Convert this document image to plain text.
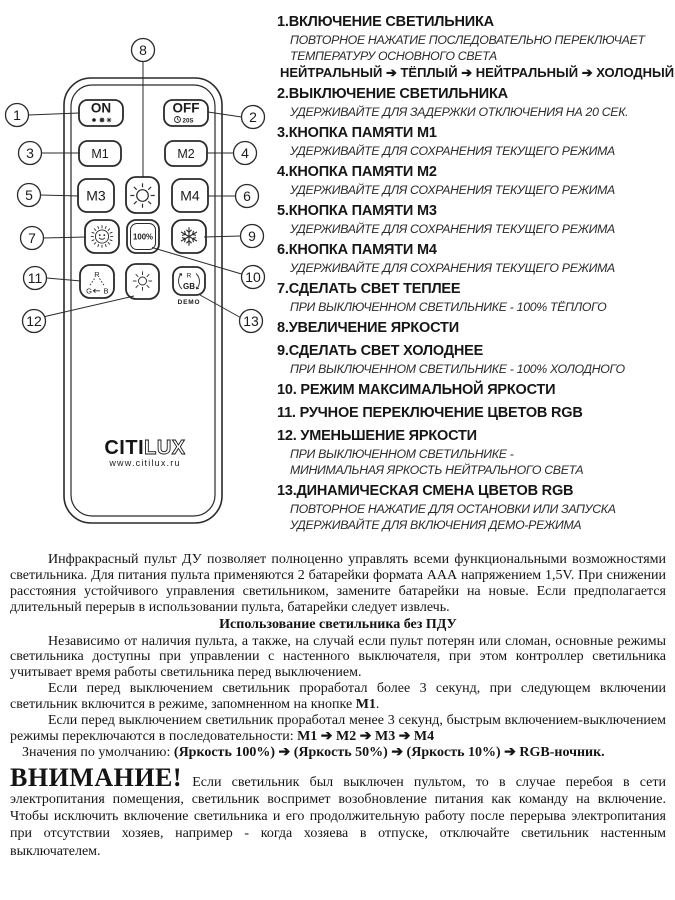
ON	OFF
20S
M1	M2
M3	M4
100%
R
G B
R
GB
DEMO
CITILUX
www.citilux.ru
1	2
3	4
5	6
7
8
9
10
11
12	13
1.ВКЛЮЧЕНИЕ СВЕТИЛЬНИКА
ПОВТОРНОЕ НАЖАТИЕ ПОСЛЕДОВАТЕЛЬНО ПЕРЕКЛЮЧАЕТ
ТЕМПЕРАТУРУ ОСНОВНОГО СВЕТА
НЕЙТРАЛЬНЫЙ ➔ ТЁПЛЫЙ ➔ НЕЙТРАЛЬНЫЙ ➔ ХОЛОДНЫЙ
2.ВЫКЛЮЧЕНИЕ СВЕТИЛЬНИКА
УДЕРЖИВАЙТЕ ДЛЯ ЗАДЕРЖКИ ОТКЛЮЧЕНИЯ НА 20 СЕК.
3.КНОПКА ПАМЯТИ М1
УДЕРЖИВАЙТЕ ДЛЯ СОХРАНЕНИЯ ТЕКУЩЕГО РЕЖИМА
4.КНОПКА ПАМЯТИ М2
УДЕРЖИВАЙТЕ ДЛЯ СОХРАНЕНИЯ ТЕКУЩЕГО РЕЖИМА
5.КНОПКА ПАМЯТИ М3
УДЕРЖИВАЙТЕ ДЛЯ СОХРАНЕНИЯ ТЕКУЩЕГО РЕЖИМА
6.КНОПКА ПАМЯТИ М4
УДЕРЖИВАЙТЕ ДЛЯ СОХРАНЕНИЯ ТЕКУЩЕГО РЕЖИМА
7.СДЕЛАТЬ СВЕТ ТЕПЛЕЕ
ПРИ ВЫКЛЮЧЕННОМ СВЕТИЛЬНИКЕ - 100% ТЁПЛОГО
8.УВЕЛИЧЕНИЕ ЯРКОСТИ
9.СДЕЛАТЬ СВЕТ ХОЛОДНЕЕ
ПРИ ВЫКЛЮЧЕННОМ СВЕТИЛЬНИКЕ - 100% ХОЛОДНОГО
10. РЕЖИМ МАКСИМАЛЬНОЙ ЯРКОСТИ
11. РУЧНОЕ ПЕРЕКЛЮЧЕНИЕ ЦВЕТОВ RGB
12. УМЕНЬШЕНИЕ ЯРКОСТИ
ПРИ ВЫКЛЮЧЕННОМ СВЕТИЛЬНИКЕ -
МИНИМАЛЬНАЯ ЯРКОСТЬ НЕЙТРАЛЬНОГО СВЕТА
13.ДИНАМИЧЕСКАЯ СМЕНА ЦВЕТОВ RGB
ПОВТОРНОЕ НАЖАТИЕ ДЛЯ ОСТАНОВКИ ИЛИ ЗАПУСКА
УДЕРЖИВАЙТЕ ДЛЯ ВКЛЮЧЕНИЯ ДЕМО-РЕЖИМА

Инфракрасный пульт ДУ позволяет полноценно управлять всеми функциональными возможностями светильника. Для питания пульта применяются 2 батарейки формата ААА напряжением 1,5V. При снижении расстояния устойчивого управления светильником, замените батарейки на новые. Если предполагается длительный перерыв в использовании пульта, батарейки следует извлечь.

Использование светильника без ПДУ

Независимо от наличия пульта, а также, на случай если пульт потерян или сломан, основные режимы светильника доступны при управлении с настенного выключателя, при этом контроллер светильника учитывает время работы светильника перед выключением.

Если перед выключением светильник проработал более 3 секунд, при следующем включении светильник включится в режиме, запомненном на кнопке М1.

Если перед выключением светильник проработал менее 3 секунд, быстрым включением-выключением режимы переключаются в последовательности: М1 ➔ М2 ➔ М3 ➔ М4

Значения по умолчанию: (Яркость 100%) ➔ (Яркость 50%) ➔ (Яркость 10%) ➔ RGB-ночник.

ВНИМАНИЕ! Если светильник был выключен пультом, то в случае перебоя в сети электропитания помещения, светильник воспримет возобновление питания как команду на включение. Чтобы исключить включение светильника и его продолжительную работу после перерыва электропитания при отсутствии хозяев, например - когда хозяева в отпуске, отключайте светильник настенным выключателем.
